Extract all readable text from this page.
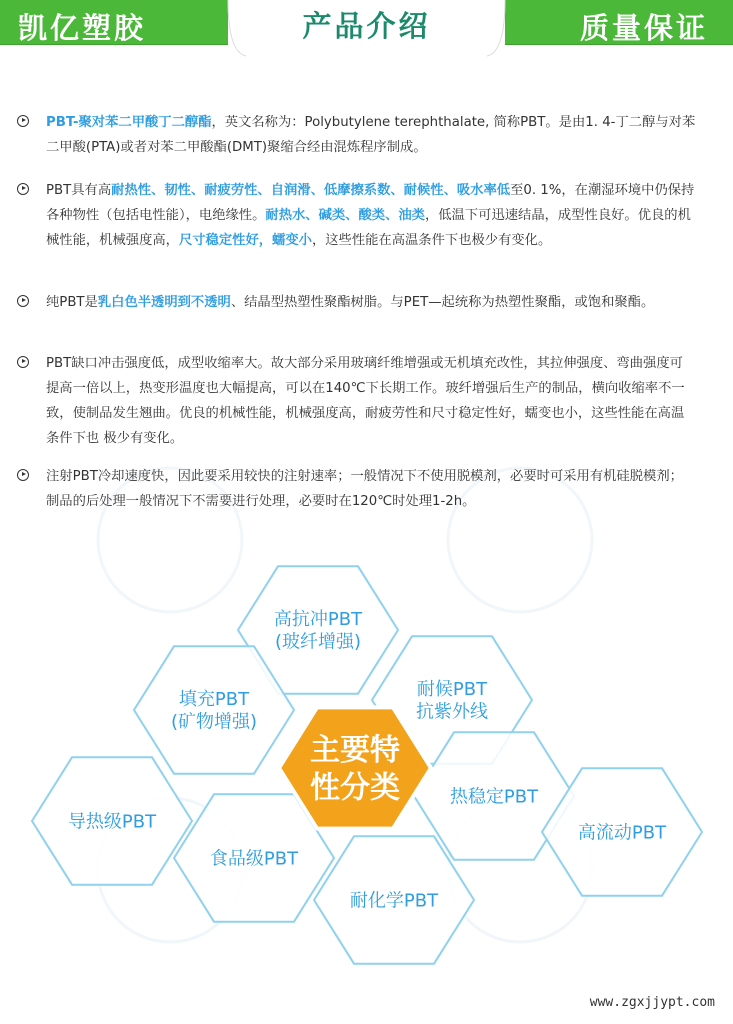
凯亿塑胶	产品介绍	质量保证
PBT-聚对苯二甲酸丁二醇酯，英文名称为：Polybutylene terephthalate, 简称PBT。是由1. 4-丁二醇与对苯二甲酸(PTA)或者对苯二甲酸酯(DMT)聚缩合经由混炼程序制成。
PBT具有高耐热性、韧性、耐疲劳性、自润滑、低摩擦系数、耐候性、吸水率低至0. 1%，在潮湿环境中仍保持各种物性（包括电性能），电绝缘性。耐热水、碱类、酸类、油类，低温下可迅速结晶，成型性良好。优良的机械性能，机械强度高，尺寸稳定性好，蠕变小，这些性能在高温条件下也极少有变化。
纯PBT是乳白色半透明到不透明、结晶型热塑性聚酯树脂。与PET—起统称为热塑性聚酯，或饱和聚酯。
PBT缺口冲击强度低，成型收缩率大。故大部分采用玻璃纤维增强或无机填充改性，其拉伸强度、弯曲强度可提高一倍以上，热变形温度也大幅提高，可以在140℃下长期工作。玻纤增强后生产的制品，横向收缩率不一致，使制品发生翘曲。优良的机械性能，机械强度高，耐疲劳性和尺寸稳定性好，蠕变也小，这些性能在高温条件下也 极少有变化。
注射PBT冷却速度快，因此要采用较快的注射速率；一般情况下不使用脱模剂，必要时可采用有机硅脱模剂；制品的后处理一般情况下不需要进行处理，必要时在120℃时处理1-2h。
高抗冲PBT
(玻纤增强)
耐候PBT
抗紫外线
填充PBT
(矿物增强)
热稳定PBT
导热级PBT
食品级PBT
耐化学PBT
高流动PBT
主要特
性分类
www.zgxjjypt.com
